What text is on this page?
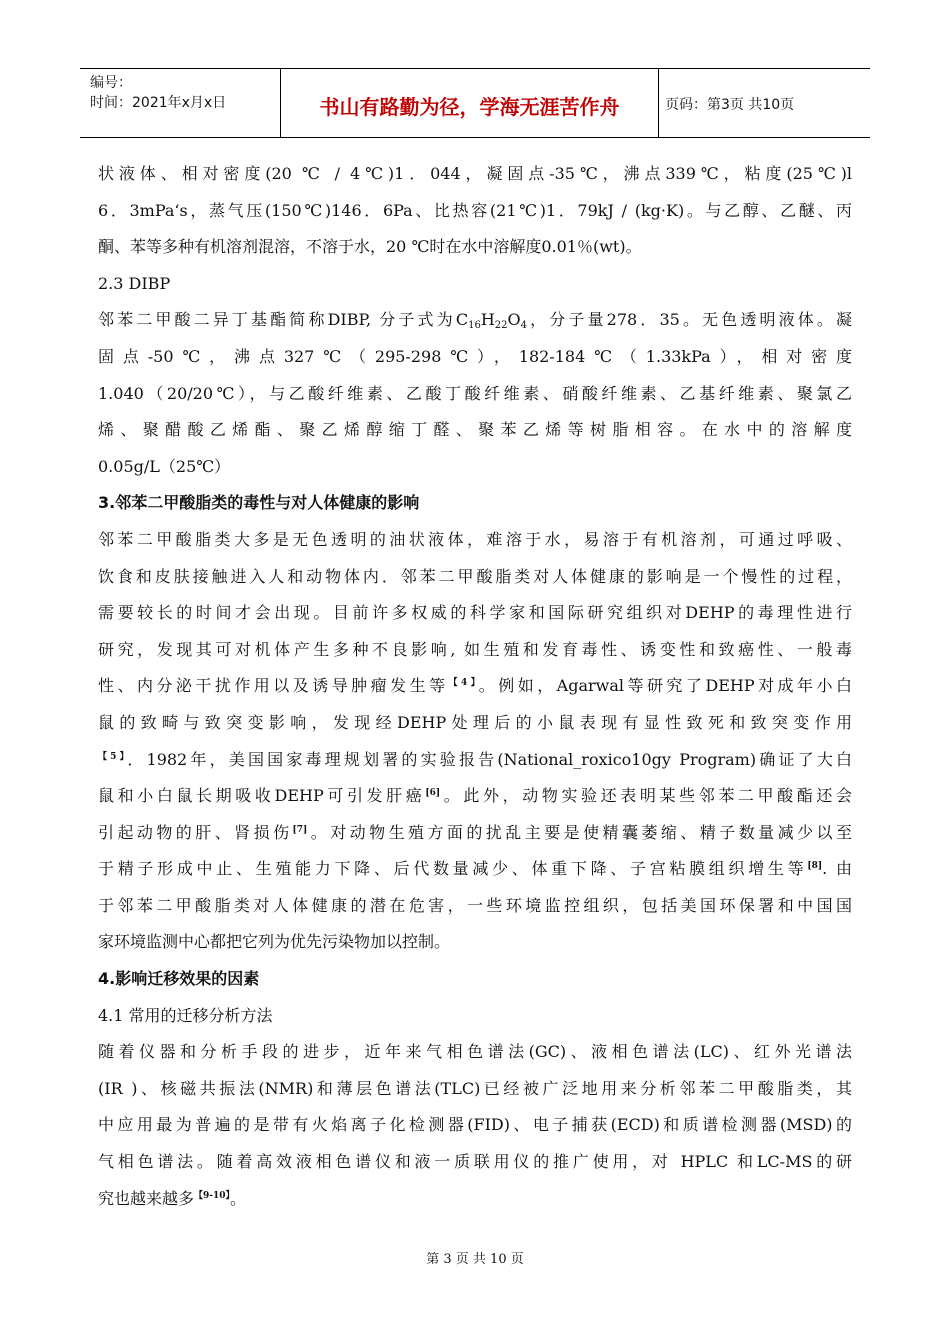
编号：
时间：2021年x月x日	书山有路勤为径，学海无涯苦作舟	页码：第3页 共10页

状液体、相对密度(20 ℃ / 4℃)1．044，凝固点-35℃，沸点339℃，粘度(25℃)l

6．3mPa‘s，蒸气压(150℃)146．6Pa、比热容(21℃)1．79kJ / (kg·K)。与乙醇、乙醚、丙

酮、苯等多种有机溶剂混溶，不溶于水，20 ℃时在水中溶解度0.01％(wt)。

2.3 DIBP

邻苯二甲酸二异丁基酯简称DIBP, 分子式为$C_{16}H_{22}O_4$，分子量278．35。无色透明液体。凝

固点-50℃，沸点327℃（295-298℃），182-184℃（1.33kPa），相对密度

1.040（20/20℃），与乙酸纤维素、乙酸丁酸纤维素、硝酸纤维素、乙基纤维素、聚氯乙

烯、聚醋酸乙烯酯、聚乙烯醇缩丁醛、聚苯乙烯等树脂相容。在水中的溶解度

0.05g/L（25℃）

3.邻苯二甲酸脂类的毒性与对人体健康的影响

邻苯二甲酸脂类大多是无色透明的油状液体，难溶于水，易溶于有机溶剂，可通过呼吸、

饮食和皮肤接触进入人和动物体内．邻苯二甲酸脂类对人体健康的影响是一个慢性的过程，

需要较长的时间才会出现。目前许多权威的科学家和国际研究组织对DEHP的毒理性进行

研究，发现其可对机体产生多种不良影响, 如生殖和发育毒性、诱变性和致癌性、一般毒

性、内分泌干扰作用以及诱导肿瘤发生等$^{【4】}$。例如，Agarwal等研究了DEHP对成年小白

鼠的致畸与致突变影响，发现经DEHP处理后的小鼠表现有显性致死和致突变作用

$^{【5】}$．1982年，美国国家毒理规划署的实验报告(National_roxico10gy Program)确证了大白

鼠和小白鼠长期吸收DEHP可引发肝癌[6]。此外，动物实验还表明某些邻苯二甲酸酯还会

引起动物的肝、肾损伤[7]。对动物生殖方面的扰乱主要是使精囊萎缩、精子数量减少以至

于精子形成中止、生殖能力下降、后代数量减少、体重下降、子宫粘膜组织增生等[8]. 由

于邻苯二甲酸脂类对人体健康的潜在危害，一些环境监控组织，包括美国环保署和中国国

家环境监测中心都把它列为优先污染物加以控制。

4.影响迁移效果的因素

4.1 常用的迁移分析方法

随着仪器和分析手段的进步，近年来气相色谱法(GC)、液相色谱法(LC)、红外光谱法

(IR )、核磁共振法(NMR)和薄层色谱法(TLC)已经被广泛地用来分析邻苯二甲酸脂类，其

中应用最为普遍的是带有火焰离子化检测器(FID)、电子捕获(ECD)和质谱检测器(MSD)的

气相色谱法。随着高效液相色谱仪和液一质联用仪的推广使用，对 HPLC 和LC-MS的研

究也越来越多$^{【9-10】}$。

第 3 页 共 10 页
